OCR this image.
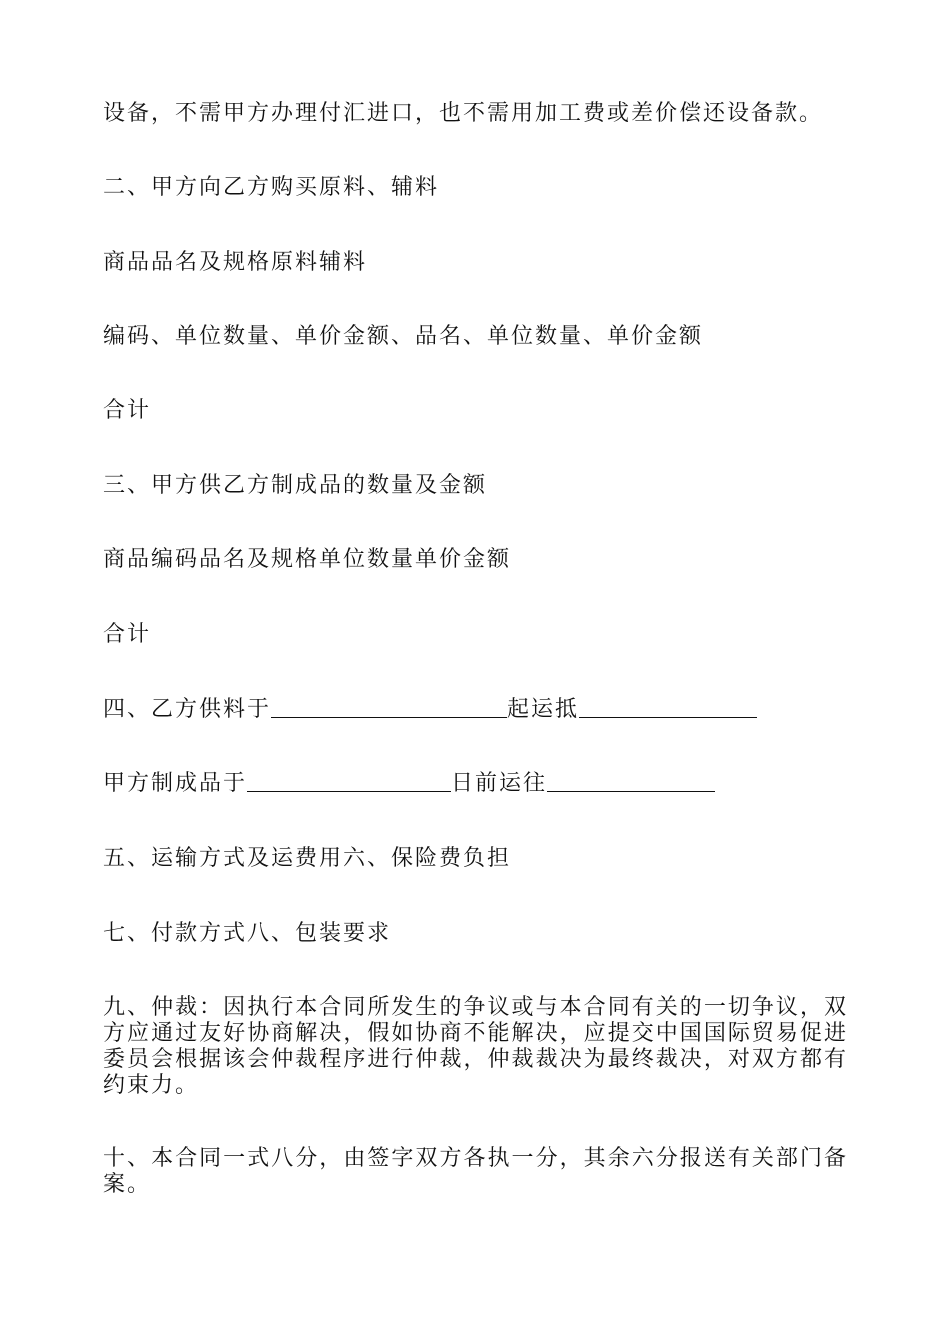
设备，不需甲方办理付汇进口，也不需用加工费或差价偿还设备款。
二、甲方向乙方购买原料、辅料
商品品名及规格原料辅料
编码、单位数量、单价金额、品名、单位数量、单价金额
合计
三、甲方供乙方制成品的数量及金额
商品编码品名及规格单位数量单价金额
合计
四、乙方供料于	起运抵
甲方制成品于	日前运往
五、运输方式及运费用六、保险费负担
七、付款方式八、包装要求
九、仲裁：因执行本合同所发生的争议或与本合同有关的一切争议，双方应通过友好协商解决，假如协商不能解决，应提交中国国际贸易促进委员会根据该会仲裁程序进行仲裁，仲裁裁决为最终裁决，对双方都有约束力。
十、本合同一式八分，由签字双方各执一分，其余六分报送有关部门备案。
